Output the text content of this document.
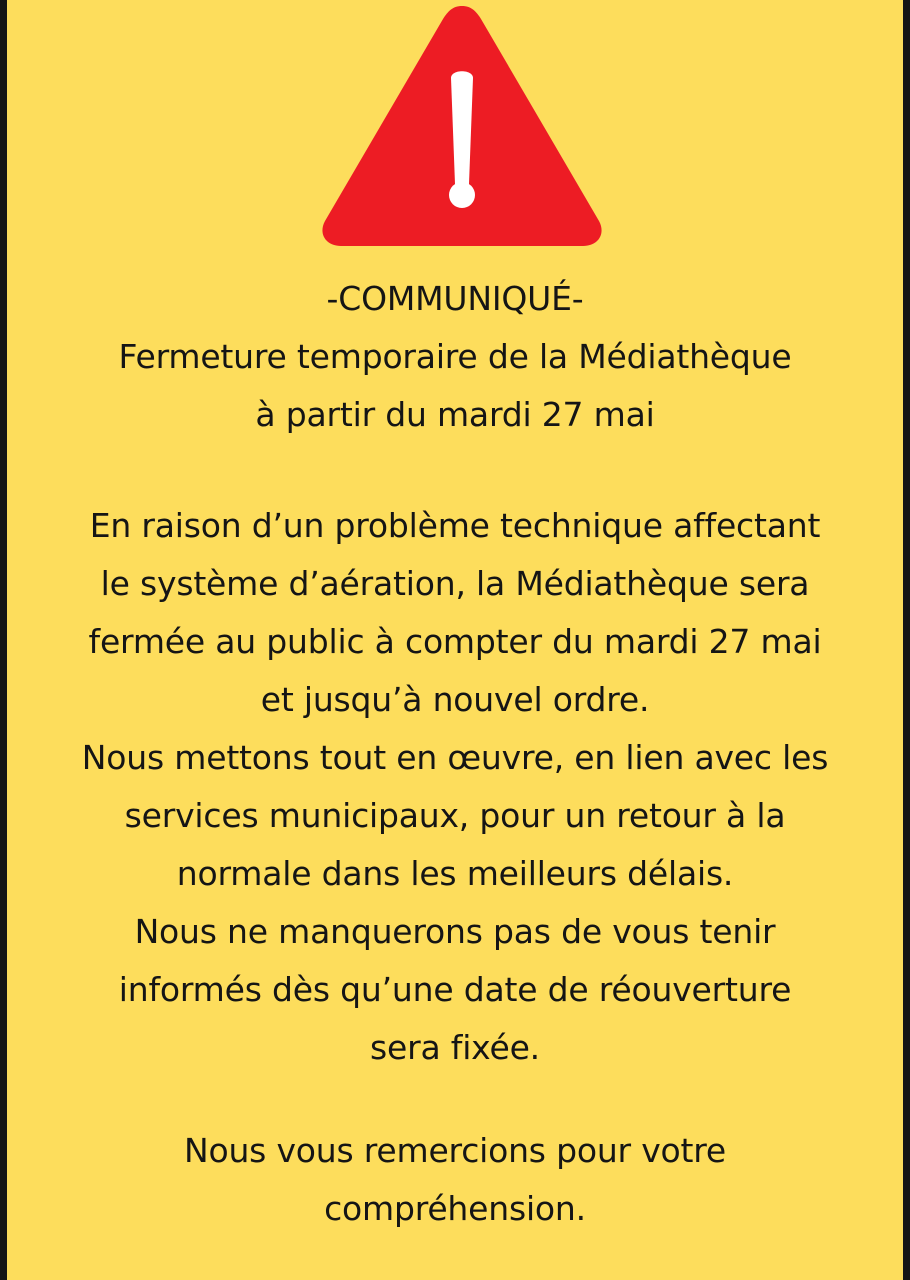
-COMMUNIQUÉ-
Fermeture temporaire de la Médiathèque
à partir du mardi 27 mai
En raison d’un problème technique affectant
le système d’aération, la Médiathèque sera
fermée au public à compter du mardi 27 mai
et jusqu’à nouvel ordre.
Nous mettons tout en œuvre, en lien avec les
services municipaux, pour un retour à la
normale dans les meilleurs délais.
Nous ne manquerons pas de vous tenir
informés dès qu’une date de réouverture
sera fixée.
Nous vous remercions pour votre
compréhension.
